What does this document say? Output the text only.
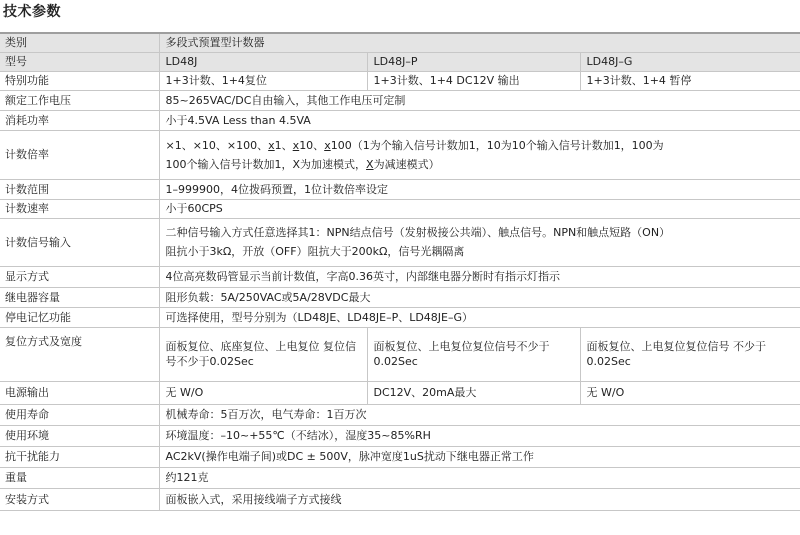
技术参数
类别	多段式预置型计数器		
型号	LD48J	LD48J–P	LD48J–G
特别功能	1+3计数、1+4复位	1+3计数、1+4 DC12V 输出	1+3计数、1+4 暂停
额定工作电压	85~265VAC/DC自由输入，其他工作电压可定制		
消耗功率	小于4.5VA Less than 4.5VA		
计数倍率	×1、×10、×100、x1、x10、x100（1为个输入信号计数加1，10为10个输入信号计数加1，100为
100个输入信号计数加1，X为加速模式，X为减速模式）		

计数范围	1–999900，4位拨码预置，1位计数倍率设定		
计数速率	小于60CPS		
计数信号输入	二种信号输入方式任意选择其1：NPN结点信号（发射极接公共端）、触点信号。NPN和触点短路（ON）
阻抗小于3kΩ，开放（OFF）阻抗大于200kΩ，信号光耦隔离		

显示方式	4位高亮数码管显示当前计数值，字高0.36英寸，内部继电器分断时有指示灯指示		
继电器容量	阻形负载：5A/250VAC或5A/28VDC最大		
停电记忆功能	可选择使用，型号分别为（LD48JE、LD48JE–P、LD48JE–G）		
复位方式及宽度	面板复位、底座复位、上电复位 复位信号不少于0.02Sec	面板复位、上电复位复位信号不少于0.02Sec	面板复位、上电复位复位信号 不少于0.02Sec
电源输出	无 W/O	DC12V、20mA最大	无 W/O
使用寿命	机械寿命：5百万次，电气寿命：1百万次		
使用环境	环境温度：–10~+55℃（不结冰），湿度35~85%RH		
抗干扰能力	AC2kV(操作电端子间)或DC ± 500V，脉冲宽度1uS扰动下继电器正常工作		
重量	约121克		
安装方式	面板嵌入式，采用接线端子方式接线		
